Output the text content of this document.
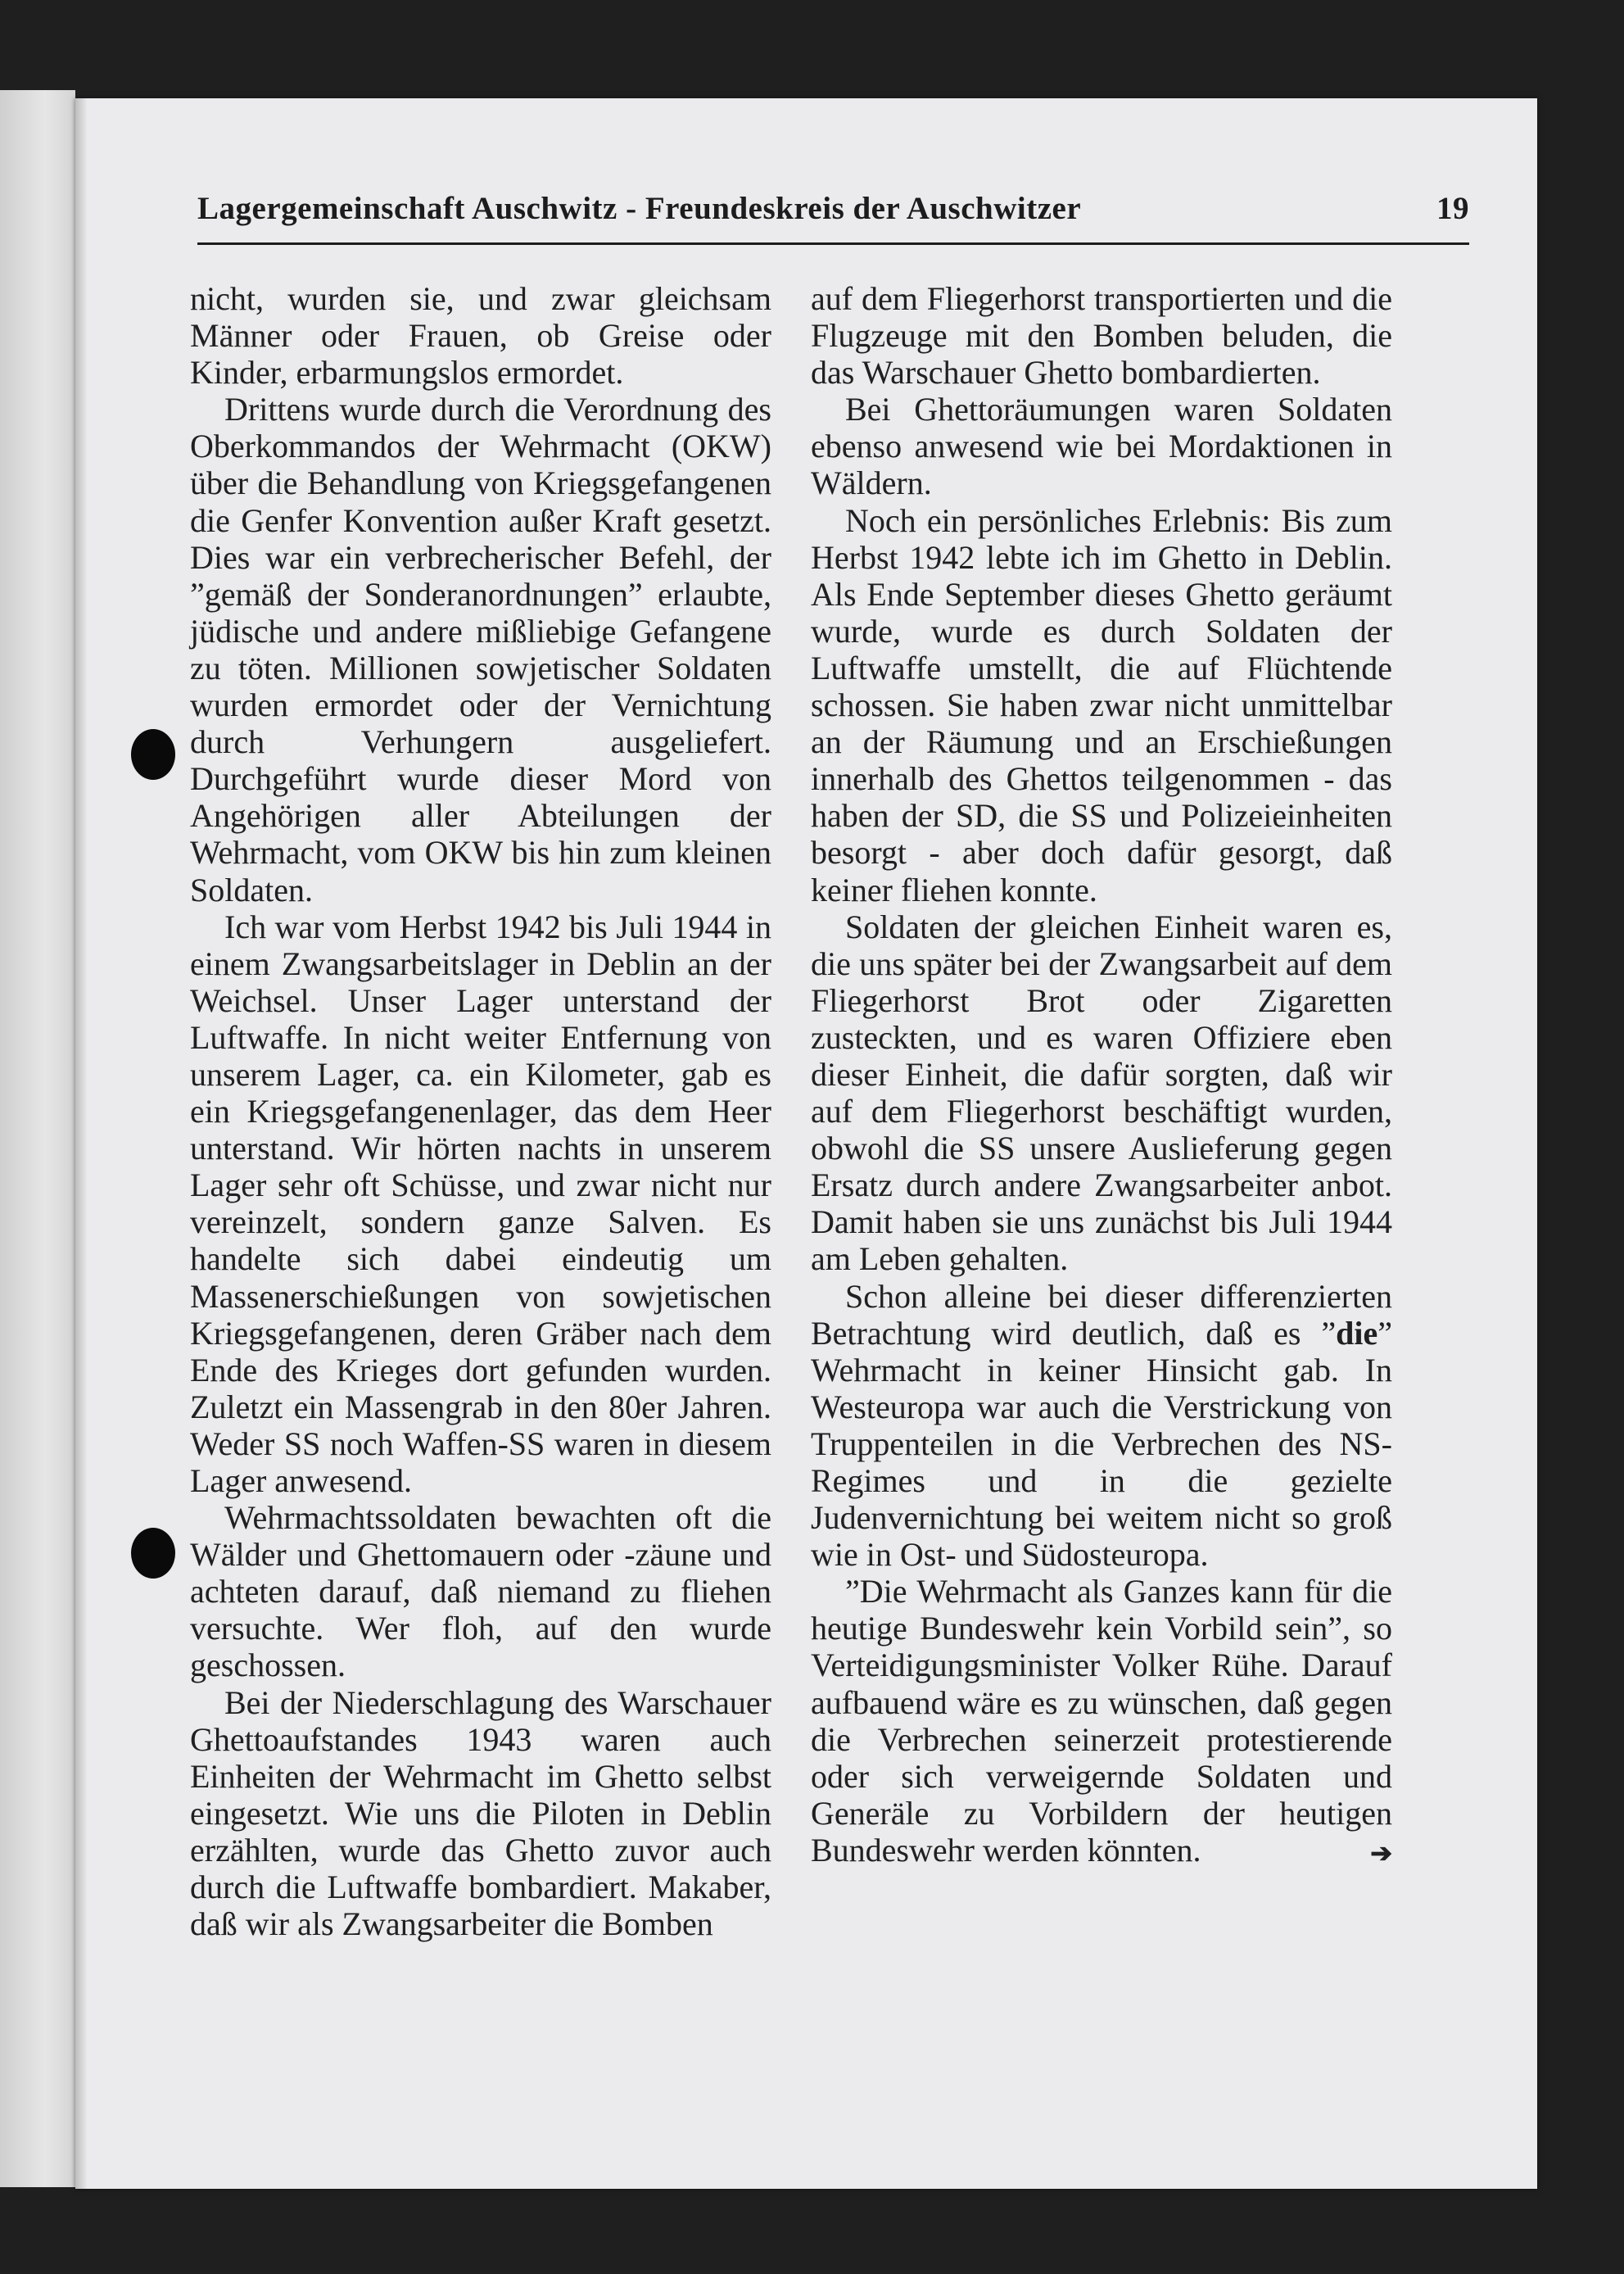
Lagergemeinschaft Auschwitz - Freundeskreis der Auschwitzer	19

nicht, wurden sie, und zwar gleichsam Männer oder Frauen, ob Greise oder Kinder, erbarmungslos ermordet.

Drittens wurde durch die Verordnung des Oberkommandos der Wehrmacht (OKW) über die Behandlung von Kriegsgefangenen die Genfer Konvention außer Kraft gesetzt. Dies war ein verbrecherischer Befehl, der ”gemäß der Sonderanordnungen” erlaubte, jüdische und andere mißliebige Gefangene zu töten. Millionen sowjetischer Soldaten wurden ermordet oder der Vernichtung durch Verhungern ausgeliefert. Durchgeführt wurde dieser Mord von Angehörigen aller Abteilungen der Wehrmacht, vom OKW bis hin zum kleinen Soldaten.

Ich war vom Herbst 1942 bis Juli 1944 in einem Zwangsarbeitslager in Deblin an der Weichsel. Unser Lager unterstand der Luftwaffe. In nicht weiter Entfernung von unserem Lager, ca. ein Kilometer, gab es ein Kriegsgefangenenlager, das dem Heer unterstand. Wir hörten nachts in unserem Lager sehr oft Schüsse, und zwar nicht nur vereinzelt, sondern ganze Salven. Es handelte sich dabei eindeutig um Massenerschießungen von sowjetischen Kriegsgefangenen, deren Gräber nach dem Ende des Krieges dort gefunden wurden. Zuletzt ein Massengrab in den 80er Jahren. Weder SS noch Waffen-SS waren in diesem Lager anwesend.

Wehrmachtssoldaten bewachten oft die Wälder und Ghettomauern oder -zäune und achteten darauf, daß niemand zu fliehen versuchte. Wer floh, auf den wurde geschossen.

Bei der Niederschlagung des Warschauer Ghettoaufstandes 1943 waren auch Einheiten der Wehrmacht im Ghetto selbst eingesetzt. Wie uns die Piloten in Deblin erzählten, wurde das Ghetto zuvor auch durch die Luftwaffe bombardiert. Makaber, daß wir als Zwangsarbeiter die Bomben

auf dem Fliegerhorst transportierten und die Flugzeuge mit den Bomben beluden, die das Warschauer Ghetto bombardierten.

Bei Ghettoräumungen waren Soldaten ebenso anwesend wie bei Mordaktionen in Wäldern.

Noch ein persönliches Erlebnis: Bis zum Herbst 1942 lebte ich im Ghetto in Deblin. Als Ende September dieses Ghetto geräumt wurde, wurde es durch Soldaten der Luftwaffe umstellt, die auf Flüchtende schossen. Sie haben zwar nicht unmittelbar an der Räumung und an Erschießungen innerhalb des Ghettos teilgenommen - das haben der SD, die SS und Polizeieinheiten besorgt - aber doch dafür gesorgt, daß keiner fliehen konnte.

Soldaten der gleichen Einheit waren es, die uns später bei der Zwangsarbeit auf dem Fliegerhorst Brot oder Zigaretten zusteckten, und es waren Offiziere eben dieser Einheit, die dafür sorgten, daß wir auf dem Fliegerhorst beschäftigt wurden, obwohl die SS unsere Auslieferung gegen Ersatz durch andere Zwangsarbeiter anbot. Damit haben sie uns zunächst bis Juli 1944 am Leben gehalten.

Schon alleine bei dieser differenzierten Betrachtung wird deutlich, daß es ”die” Wehrmacht in keiner Hinsicht gab. In Westeuropa war auch die Verstrickung von Truppenteilen in die Verbrechen des NS-Regimes und in die gezielte Judenvernichtung bei weitem nicht so groß wie in Ost- und Südosteuropa.

”Die Wehrmacht als Ganzes kann für die heutige Bundeswehr kein Vorbild sein”, so Verteidigungsminister Volker Rühe. Darauf aufbauend wäre es zu wünschen, daß gegen die Verbrechen seinerzeit protestierende oder sich verweigernde Soldaten und Generäle zu Vorbildern der heutigen Bundeswehr werden könnten.	➔
